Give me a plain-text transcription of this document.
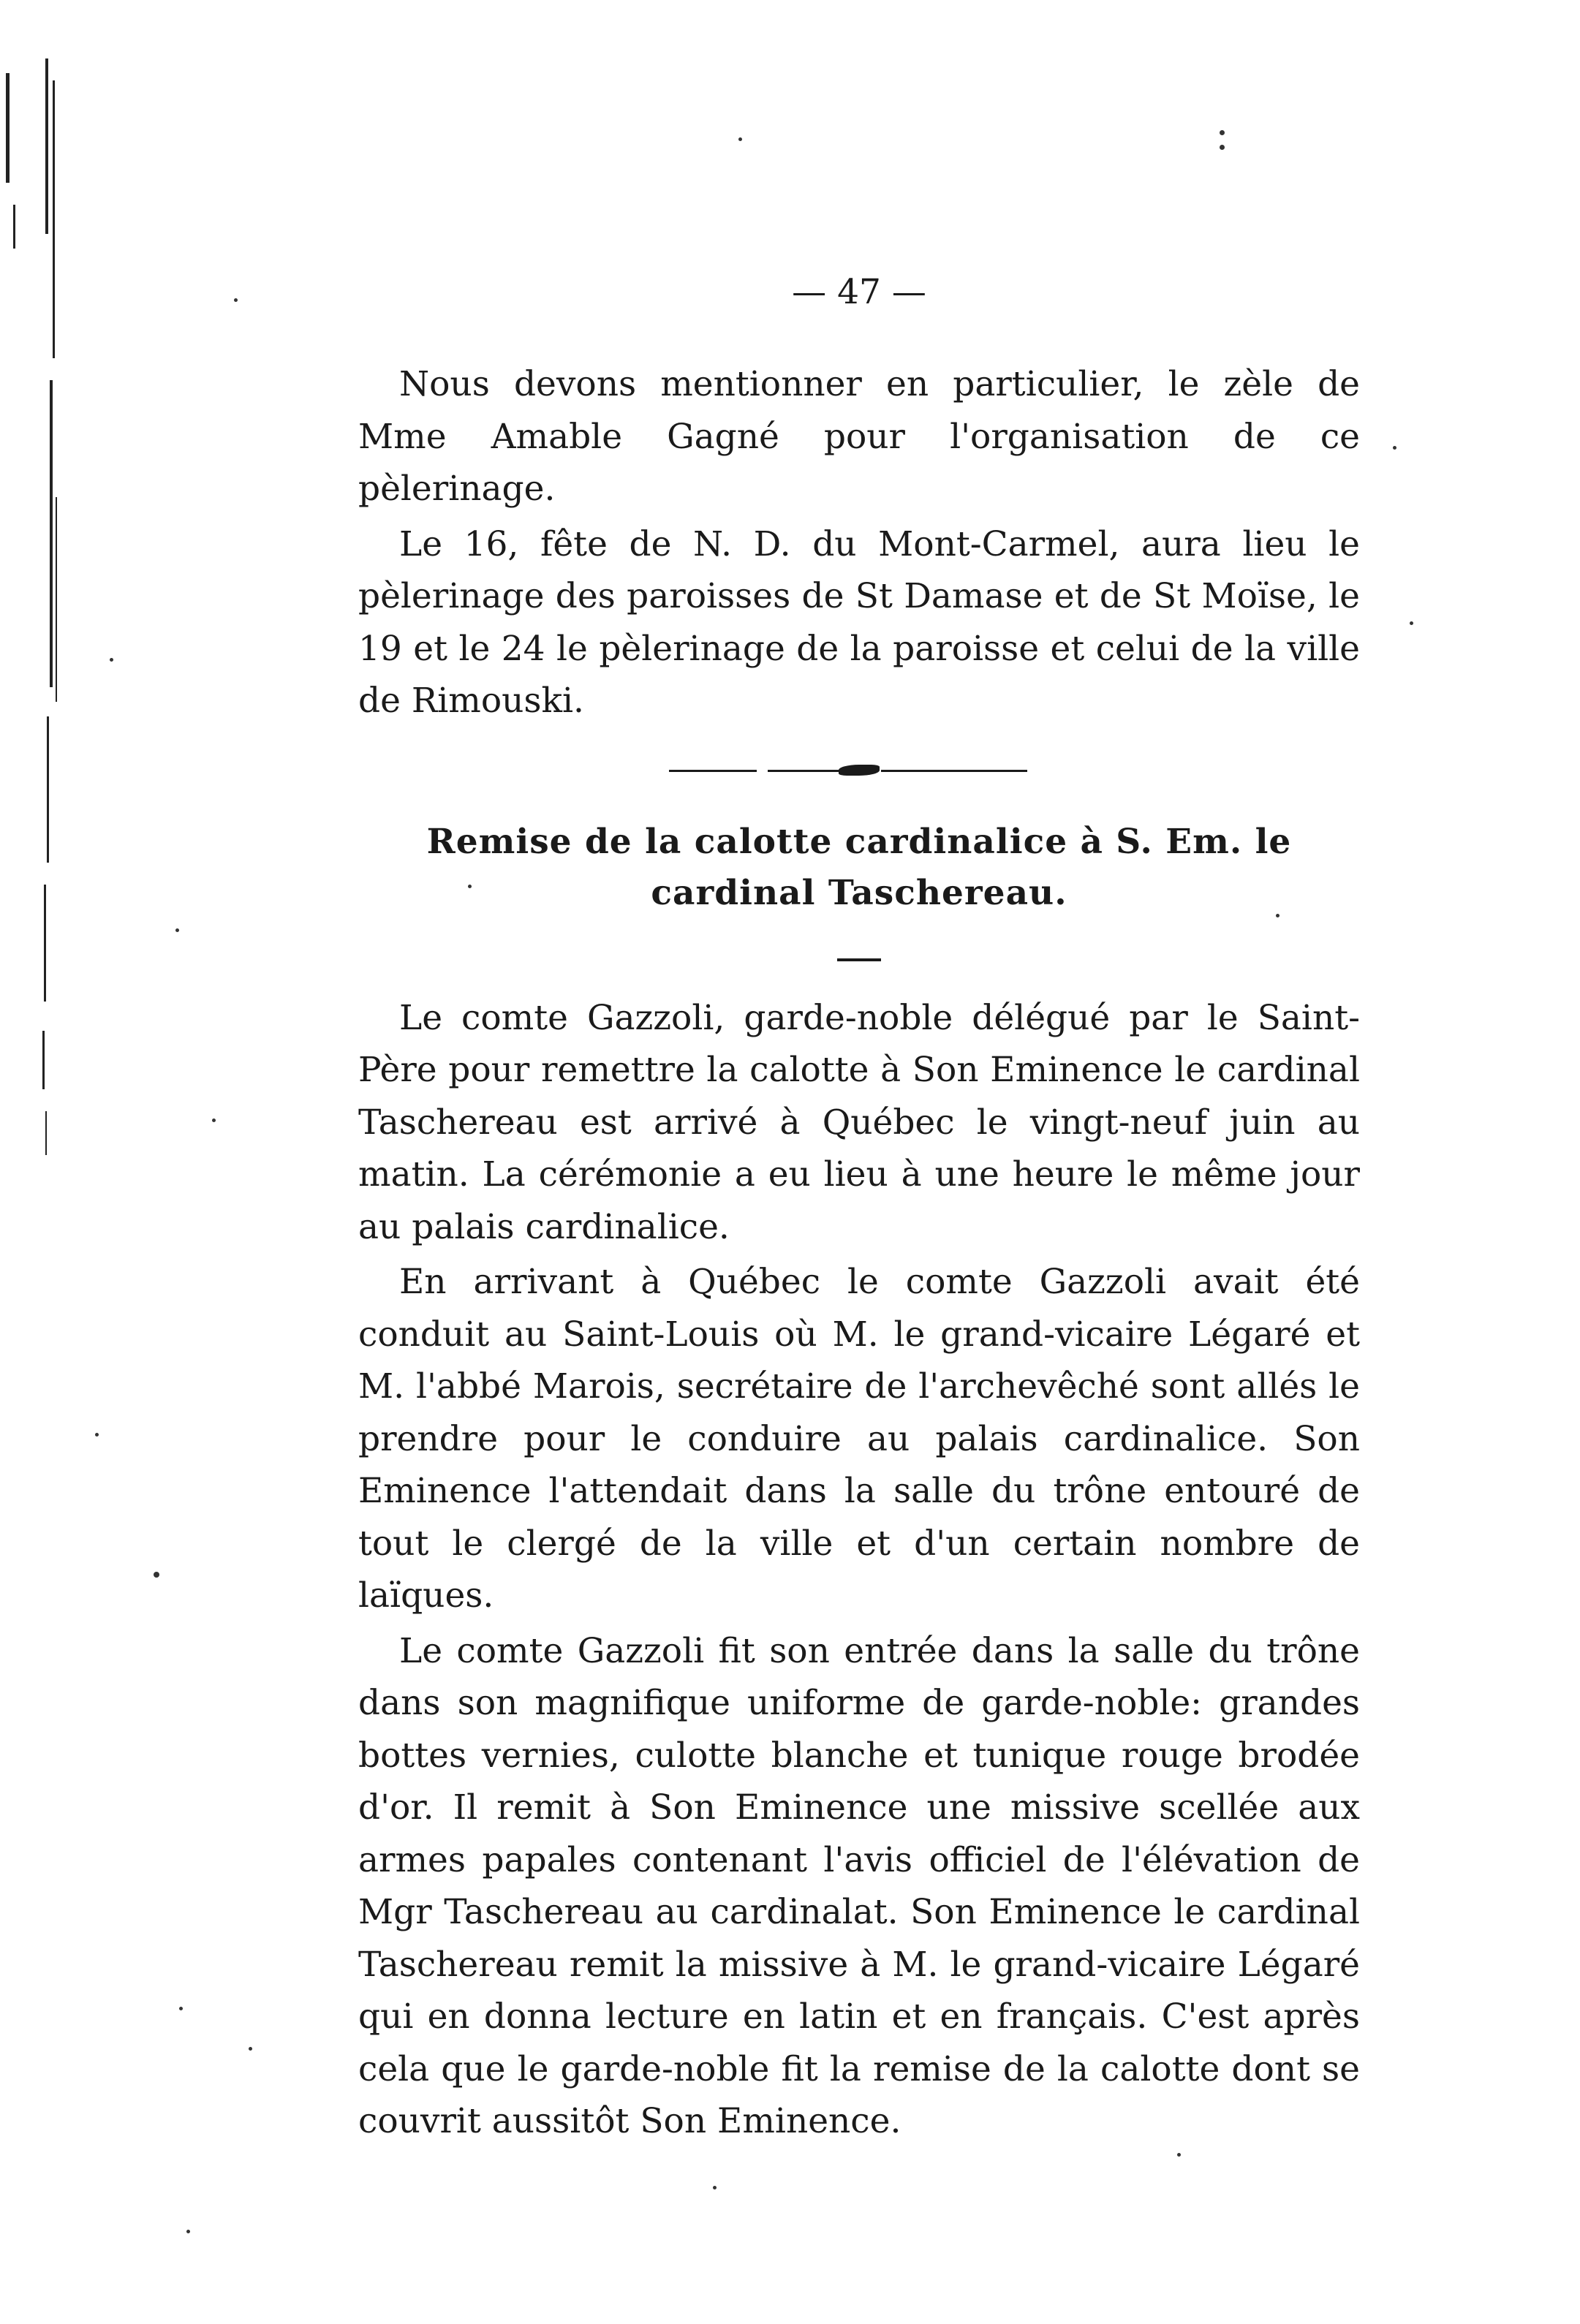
— 47 —

Nous devons mentionner en particulier, le zèle de Mme Amable Gagné pour l'organisation de ce pèlerinage.

Le 16, fête de N. D. du Mont-Carmel, aura lieu le pèlerinage des paroisses de St Damase et de St Moïse, le 19 et le 24 le pèlerinage de la paroisse et celui de la ville de Rimouski.

Remise de la calotte cardinalice à S. Em. le
cardinal Taschereau.

Le comte Gazzoli, garde-noble délégué par le Saint-Père pour remettre la calotte à Son Eminence le cardinal Taschereau est arrivé à Québec le vingt-neuf juin au matin. La cérémonie a eu lieu à une heure le même jour au palais cardinalice.

En arrivant à Québec le comte Gazzoli avait été conduit au Saint-Louis où M. le grand-vicaire Légaré et M. l'abbé Marois, secrétaire de l'archevêché sont allés le prendre pour le conduire au palais cardinalice. Son Eminence l'attendait dans la salle du trône entouré de tout le clergé de la ville et d'un certain nombre de laïques.

Le comte Gazzoli fit son entrée dans la salle du trône dans son magnifique uniforme de garde-noble: grandes bottes vernies, culotte blanche et tunique rouge brodée d'or. Il remit à Son Eminence une missive scellée aux armes papales contenant l'avis officiel de l'élévation de Mgr Taschereau au cardinalat. Son Eminence le cardinal Taschereau remit la missive à M. le grand-vicaire Légaré qui en donna lecture en latin et en français. C'est après cela que le garde-noble fit la remise de la calotte dont se couvrit aussitôt Son Eminence.
